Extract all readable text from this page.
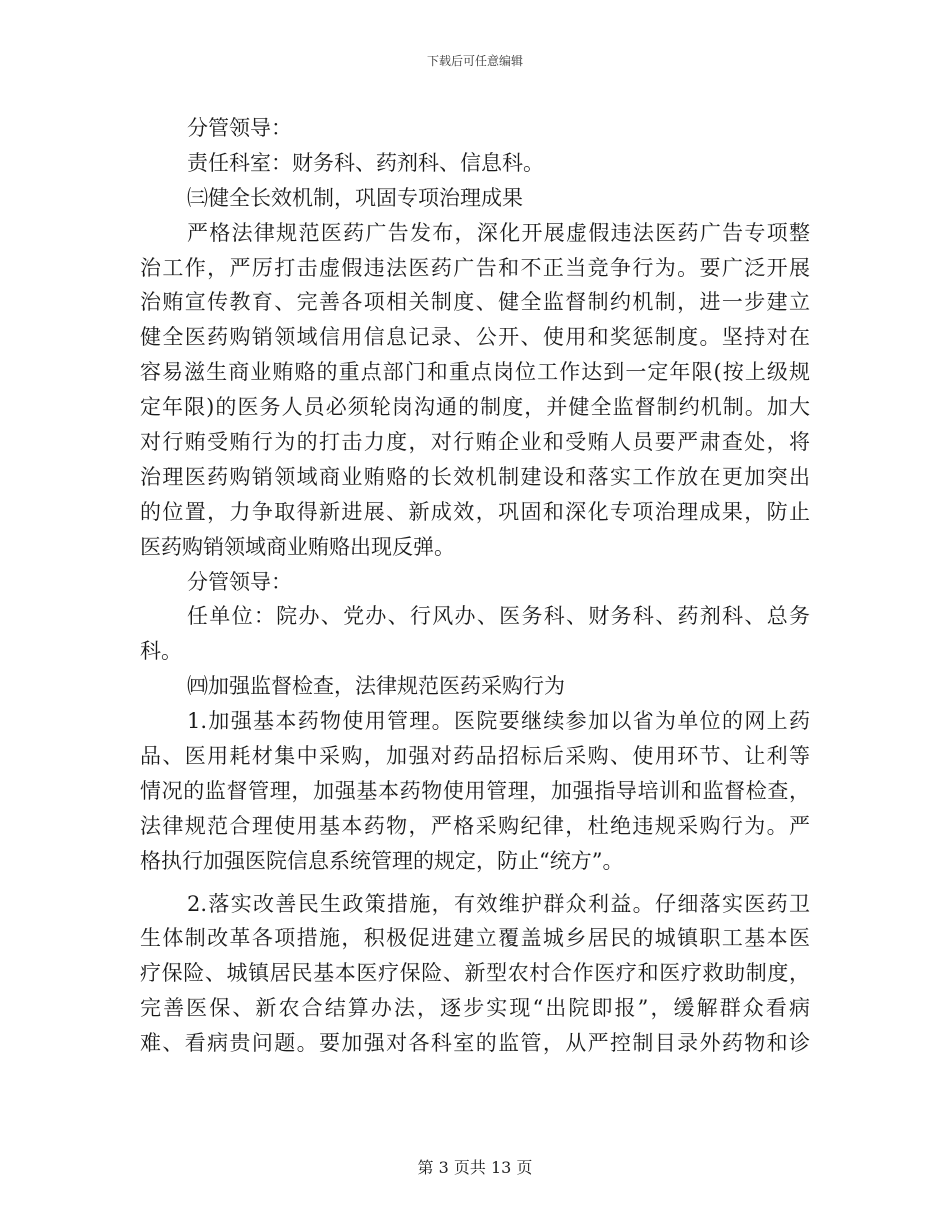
下载后可任意编辑
分管领导：
责任科室：财务科、药剂科、信息科。
㈢健全长效机制，巩固专项治理成果
严格法律规范医药广告发布，深化开展虚假违法医药广告专项整
治工作，严厉打击虚假违法医药广告和不正当竞争行为。要广泛开展
治贿宣传教育、完善各项相关制度、健全监督制约机制，进一步建立
健全医药购销领域信用信息记录、公开、使用和奖惩制度。坚持对在
容易滋生商业贿赂的重点部门和重点岗位工作达到一定年限(按上级规
定年限)的医务人员必须轮岗沟通的制度，并健全监督制约机制。加大
对行贿受贿行为的打击力度，对行贿企业和受贿人员要严肃查处，将
治理医药购销领域商业贿赂的长效机制建设和落实工作放在更加突出
的位置，力争取得新进展、新成效，巩固和深化专项治理成果，防止
医药购销领域商业贿赂出现反弹。
分管领导：
任单位：院办、党办、行风办、医务科、财务科、药剂科、总务
科。
㈣加强监督检查，法律规范医药采购行为
1.加强基本药物使用管理。医院要继续参加以省为单位的网上药
品、医用耗材集中采购，加强对药品招标后采购、使用环节、让利等
情况的监督管理，加强基本药物使用管理，加强指导培训和监督检查，
法律规范合理使用基本药物，严格采购纪律，杜绝违规采购行为。严
格执行加强医院信息系统管理的规定，防止“统方”。
2.落实改善民生政策措施，有效维护群众利益。仔细落实医药卫
生体制改革各项措施，积极促进建立覆盖城乡居民的城镇职工基本医
疗保险、城镇居民基本医疗保险、新型农村合作医疗和医疗救助制度，
完善医保、新农合结算办法，逐步实现“出院即报”，缓解群众看病
难、看病贵问题。要加强对各科室的监管，从严控制目录外药物和诊
第 3 页共 13 页
